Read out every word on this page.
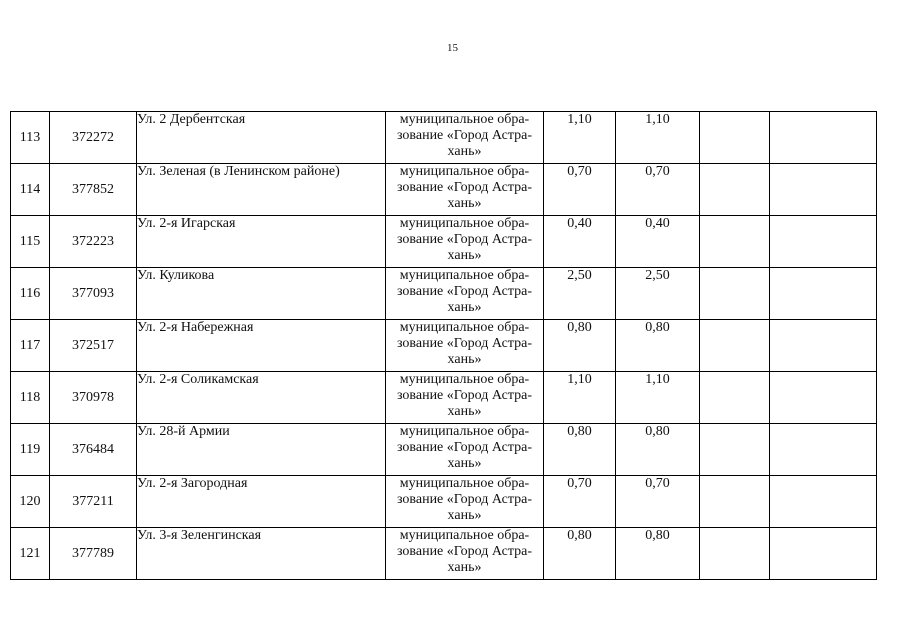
15
113	372272	Ул. 2 Дербентская	муниципальное обра-
зование «Город Астра-
хань»	1,10	1,10		
114	377852	Ул. Зеленая (в Ленинском районе)	муниципальное обра-
зование «Город Астра-
хань»	0,70	0,70		
115	372223	Ул. 2-я Игарская	муниципальное обра-
зование «Город Астра-
хань»	0,40	0,40		
116	377093	Ул. Куликова	муниципальное обра-
зование «Город Астра-
хань»	2,50	2,50		
117	372517	Ул. 2-я Набережная	муниципальное обра-
зование «Город Астра-
хань»	0,80	0,80		
118	370978	Ул. 2-я Соликамская	муниципальное обра-
зование «Город Астра-
хань»	1,10	1,10		
119	376484	Ул. 28-й Армии	муниципальное обра-
зование «Город Астра-
хань»	0,80	0,80		
120	377211	Ул. 2-я Загородная	муниципальное обра-
зование «Город Астра-
хань»	0,70	0,70		
121	377789	Ул. 3-я Зеленгинская	муниципальное обра-
зование «Город Астра-
хань»	0,80	0,80		
